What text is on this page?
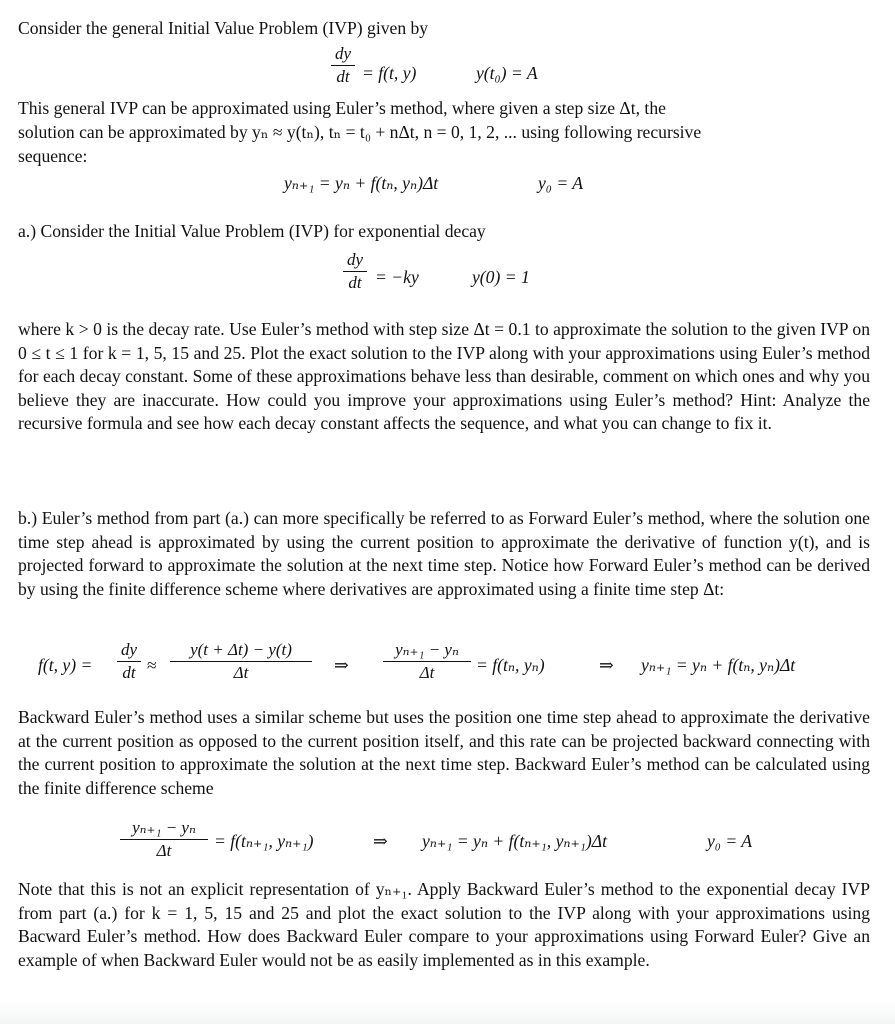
Consider the general Initial Value Problem (IVP) given by
$\frac{dy}{dt} = f(t$, y)	y(t₀) = A
This general IVP can be approximated using Euler’s method, where given a step size Δt, the
solution can be approximated by yₙ ≈ y(tₙ), tₙ = t₀ + nΔt, n = 0, 1, 2, ... using following recursive
sequence:
yₙ₊₁ = yₙ + f(tₙ, yₙ)Δt	y₀ = A
a.) Consider the Initial Value Problem (IVP) for exponential decay
$\frac{dy}{dt} = -ky$	y(0) = 1
where k > 0 is the decay rate. Use Euler’s method with step size Δt = 0.1 to approximate the solution to the given IVP on 0 ≤ t ≤ 1 for k = 1, 5, 15 and 25. Plot the exact solution to the IVP along with your approximations using Euler’s method for each decay constant. Some of these approximations behave less than desirable, comment on which ones and why you believe they are inaccurate. How could you improve your approximations using Euler’s method? Hint: Analyze the recursive formula and see how each decay constant affects the sequence, and what you can change to fix it.
b.) Euler’s method from part (a.) can more specifically be referred to as Forward Euler’s method, where the solution one time step ahead is approximated by using the current position to approximate the derivative of function y(t), and is projected forward to approximate the solution at the next time step. Notice how Forward Euler’s method can be derived by using the finite difference scheme where derivatives are approximated using a finite time step Δt:
f(t, $y) = \frac{dy}{dt} \approx \frac{y(t + \Delta t) - y(t)}{\Delta t}$ ⇒ $\frac{\text{yₙ₊₁ − yₙ}}{\Delta t} = f(t_n$, yₙ)	⇒ yₙ₊₁ = yₙ + f(tₙ, yₙ)Δt
Backward Euler’s method uses a similar scheme but uses the position one time step ahead to approximate the derivative at the current position as opposed to the current position itself, and this rate can be projected backward connecting with the current position to approximate the solution at the next time step. Backward Euler’s method can be calculated using the finite difference scheme
$\frac{\text{yₙ₊₁ − yₙ}}{\Delta t} = f(t_{n+1}$, yₙ₊₁)	⇒ yₙ₊₁ = yₙ + f(tₙ₊₁, yₙ₊₁)Δt	y₀ = A
Note that this is not an explicit representation of yₙ₊₁. Apply Backward Euler’s method to the exponential decay IVP from part (a.) for k = 1, 5, 15 and 25 and plot the exact solution to the IVP along with your approximations using Bacward Euler’s method. How does Backward Euler compare to your approximations using Forward Euler? Give an example of when Backward Euler would not be as easily implemented as in this example.
